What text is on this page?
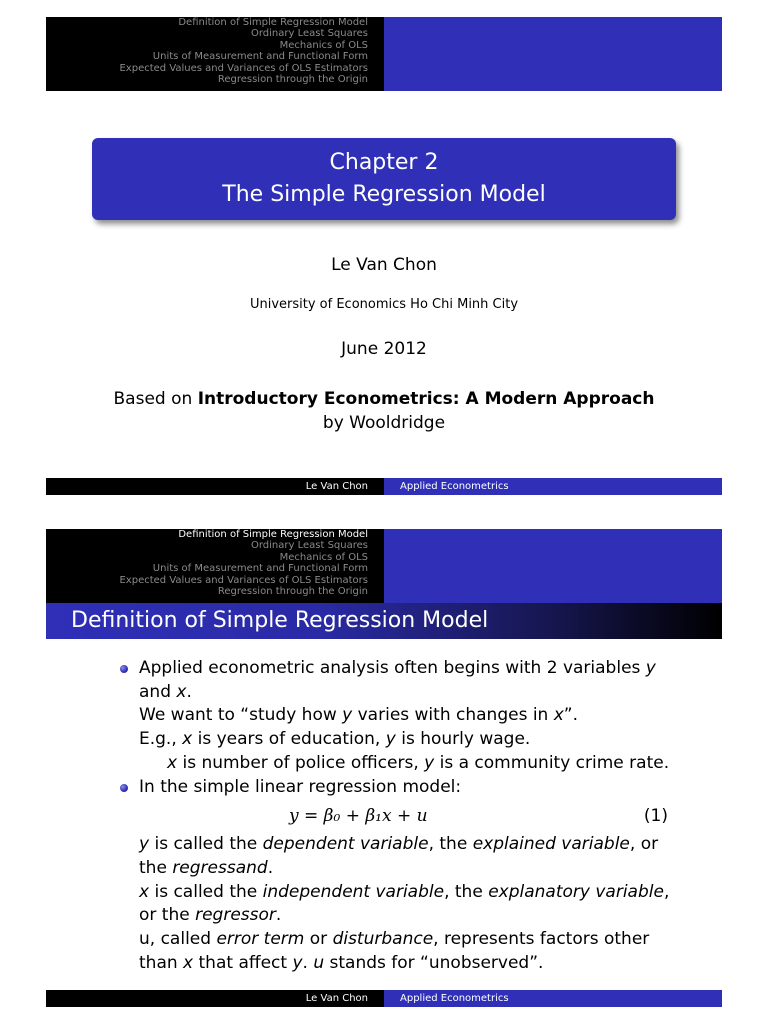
Definition of Simple Regression Model
Ordinary Least Squares
Mechanics of OLS
Units of Measurement and Functional Form
Expected Values and Variances of OLS Estimators
Regression through the Origin
Chapter 2
The Simple Regression Model
Le Van Chon
University of Economics Ho Chi Minh City
June 2012
Based on Introductory Econometrics: A Modern Approach
by Wooldridge
Le Van Chon	Applied Econometrics
Definition of Simple Regression Model
Ordinary Least Squares
Mechanics of OLS
Units of Measurement and Functional Form
Expected Values and Variances of OLS Estimators
Regression through the Origin
Definition of Simple Regression Model
Applied econometric analysis often begins with 2 variables y
and x.
We want to “study how y varies with changes in x”.
E.g., x is years of education, y is hourly wage.
x is number of police officers, y is a community crime rate.
In the simple linear regression model:
y = β₀ + β₁x + u	(1)
y is called the dependent variable, the explained variable, or
the regressand.
x is called the independent variable, the explanatory variable,
or the regressor.
u, called error term or disturbance, represents factors other
than x that affect y. u stands for “unobserved”.
Le Van Chon	Applied Econometrics
